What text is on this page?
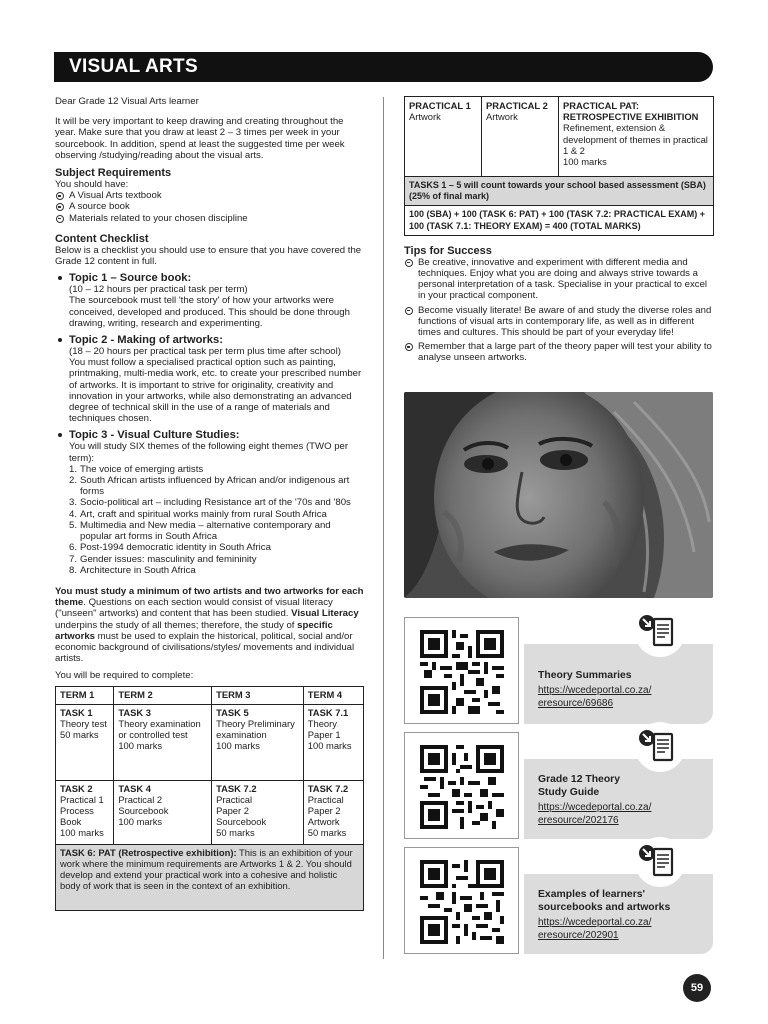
VISUAL ARTS

Dear Grade 12 Visual Arts learner

It will be very important to keep drawing and creating throughout the year. Make sure that you draw at least 2 – 3 times per week in your sourcebook. In addition, spend at least the suggested time per week observing /studying/reading about the visual arts.

Subject Requirements

You should have:

A Visual Arts textbook
A source book
Materials related to your chosen discipline

Content Checklist

Below is a checklist you should use to ensure that you have covered the Grade 12 content in full.

Topic 1 – Source book:

(10 – 12 hours per practical task per term)

The sourcebook must tell 'the story' of how your artworks were conceived, developed and produced. This should be done through drawing, writing, research and experimenting.

Topic 2 - Making of artworks:

(18 – 20 hours per practical task per term plus time after school)

You must follow a specialised practical option such as painting, printmaking, multi-media work, etc. to create your prescribed number of artworks. It is important to strive for originality, creativity and innovation in your artworks, while also demonstrating an advanced degree of technical skill in the use of a range of materials and techniques chosen.

Topic 3 - Visual Culture Studies:

You will study SIX themes of the following eight themes (TWO per term):

The voice of emerging artists
South African artists influenced by African and/or indigenous art forms
Socio-political art – including Resistance art of the '70s and '80s
Art, craft and spiritual works mainly from rural South Africa
Multimedia and New media – alternative contemporary and popular art forms in South Africa
Post-1994 democratic identity in South Africa
Gender issues: masculinity and femininity
Architecture in South Africa

You must study a minimum of two artists and two artworks for each theme. Questions on each section would consist of visual literacy ("unseen" artworks) and content that has been studied. Visual Literacy underpins the study of all themes; therefore, the study of specific artworks must be used to explain the historical, political, social and/or economic background of civilisations/styles/ movements and individual artists.

You will be required to complete:

TERM 1	TERM 2	TERM 3	TERM 4
TASK 1
Theory test
50 marks	TASK 3
Theory examination or controlled test
100 marks	TASK 5
Theory Preliminary examination
100 marks	TASK 7.1
Theory Paper 1
100 marks
TASK 2
Practical 1
Process Book
100 marks	TASK 4
Practical 2
Sourcebook
100 marks	TASK 7.2
Practical
Paper 2
Sourcebook
50 marks	TASK 7.2
Practical
Paper 2
Artwork
50 marks
TASK 6: PAT (Retrospective exhibition): This is an exhibition of your work where the minimum requirements are Artworks 1 & 2. You should develop and extend your practical work into a cohesive and holistic body of work that is seen in the context of an exhibition.			
PRACTICAL 1
Artwork	PRACTICAL 2
Artwork	PRACTICAL PAT: RETROSPECTIVE EXHIBITION
Refinement, extension & development of themes in practical 1 & 2
100 marks
TASKS 1 – 5 will count towards your school based assessment (SBA) (25% of final mark)
100 (SBA) + 100 (TASK 6: PAT) + 100 (TASK 7.2: PRACTICAL EXAM) + 100 (TASK 7.1: THEORY EXAM) = 400 (TOTAL MARKS)

Tips for Success

Be creative, innovative and experiment with different media and techniques. Enjoy what you are doing and always strive towards a personal interpretation of a task. Specialise in your practical to excel in your practical component.
Become visually literate! Be aware of and study the diverse roles and functions of visual arts in contemporary life, as well as in different times and cultures. This should be part of your everyday life!
Remember that a large part of the theory paper will test your ability to analyse unseen artworks.
Theory Summaries
https://wcedeportal.co.za/ eresource/69686
Grade 12 Theory Study Guide
https://wcedeportal.co.za/ eresource/202176
Examples of learners' sourcebooks and artworks
https://wcedeportal.co.za/ eresource/202901
59
